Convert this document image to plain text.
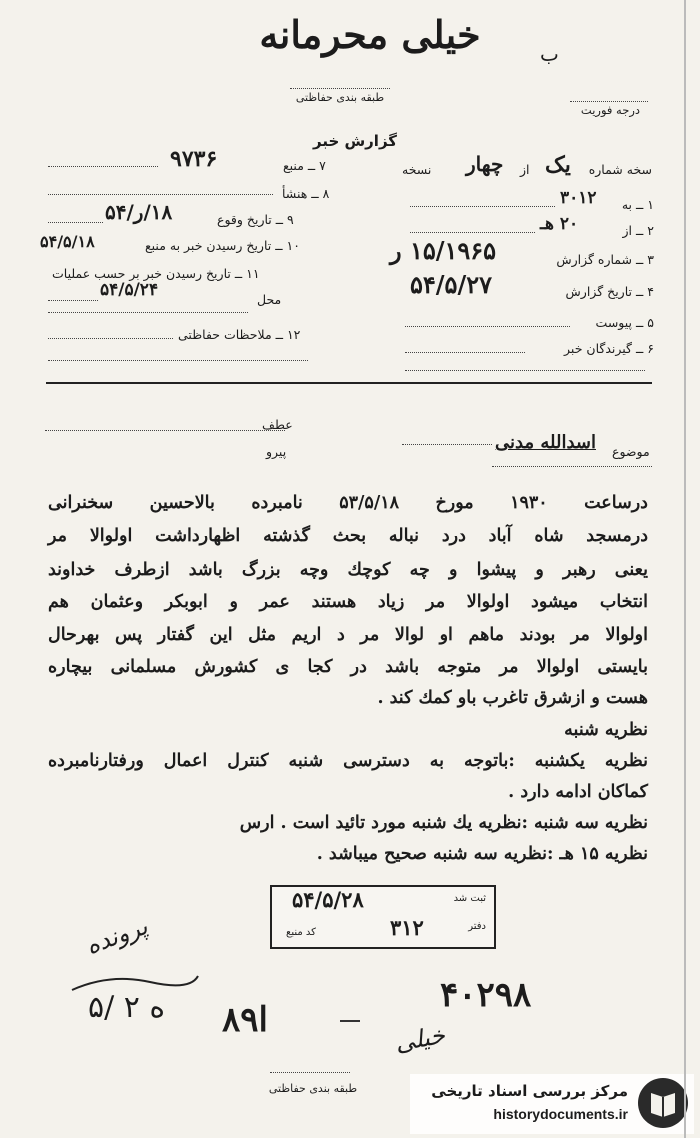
خیلی محرمانه	ب
طبقه بندی حفاظتی
درجه فوریت
گزارش خبر
سخه شماره
یک
از
چهار
نسخه
۱ ــ به
۳۰۱۲
۲ ــ از
۲۰ هـ
۳ ــ شماره گزارش
۱۵/۱۹۶۵ ر
۴ ــ تاریخ گزارش
۵۴/۵/۲۷
۵ ــ پیوست
۶ ــ گیرندگان خبر
۷ ــ منبع
۹۷۳۶
۸ ــ هنشأ
۹ ــ تاریخ وقوع
۱۸/ر/۵۴
۱۰ ــ تاریخ رسیدن خبر به منبع
۵۴/۵/۱۸
۱۱ ــ تاریخ رسیدن خبر بر حسب عملیات
محل
۵۴/۵/۲۴
۱۲ ــ ملاحظات حفاظتی
عطف
پیرو	موضوع
اسدالله مدنی
درساعت ۱۹۳۰ مورخ ۵۳/۵/۱۸ نامبرده بالاحسین سخنرانی
درمسجد شاه آباد درد نباله بحث گذشته اظهارداشت اولوالا مر
یعنی رهبر و پیشوا و چه کوچك وچه بزرگ باشد ازطرف خداوند
انتخاب میشود اولوالا مر زیاد هستند عمر و ابوبکر وعثمان هم
اولوالا مر بودند ماهم او لوالا مر د اریم مثل این گفتار پس بهرحال
بایستی اولوالا مر متوجه باشد در کجا ی کشورش مسلمانی بیچاره
هست و ازشرق تاغرب باو کمك کند .
نظریه شنبه
نظریه یکشنبه :باتوجه به دسترسی شنبه کنترل اعمال ورفتارنامبرده
کماکان ادامه دارد .
نظریه سه شنبه :نظریه یك شنبه مورد تائید است . ارس
نظریه ۱۵ هـ :نظریه سه شنبه صحیح میباشد .
ثبت شد
۵۴/۵/۲۸
دفتر
۳۱۲
کد منبع
پرونده
۵/ ۲ ه ۸ا۹
۴۰۲۹۸
خیلی
طبقه بندی حفاظتی	مرکز بررسی اسناد تاریخی
historydocuments.ir
